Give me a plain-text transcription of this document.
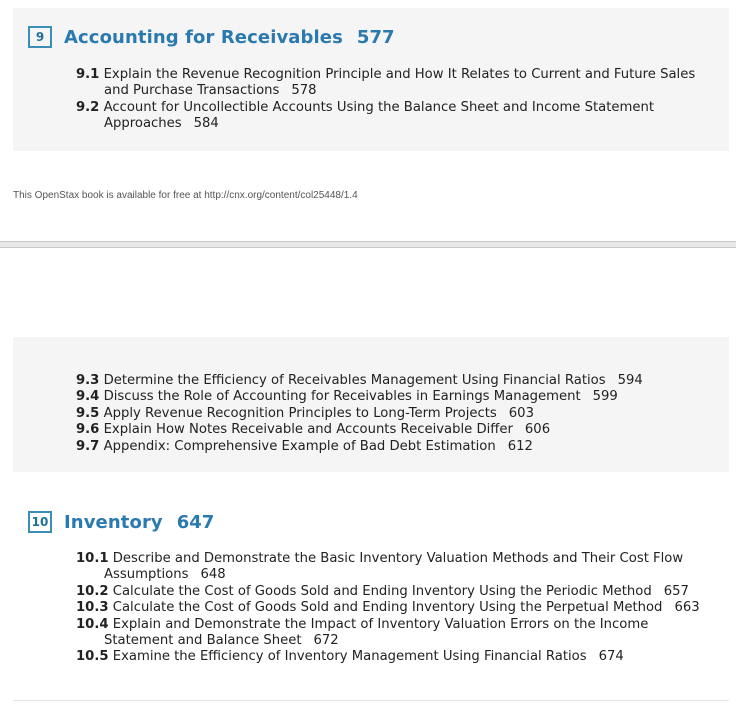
9	Accounting for Receivables 577
9.1 Explain the Revenue Recognition Principle and How It Relates to Current and Future Sales
and Purchase Transactions 578
9.2 Account for Uncollectible Accounts Using the Balance Sheet and Income Statement
Approaches 584
This OpenStax book is available for free at http://cnx.org/content/col25448/1.4
9.3 Determine the Efficiency of Receivables Management Using Financial Ratios 594
9.4 Discuss the Role of Accounting for Receivables in Earnings Management 599
9.5 Apply Revenue Recognition Principles to Long-Term Projects 603
9.6 Explain How Notes Receivable and Accounts Receivable Differ 606
9.7 Appendix: Comprehensive Example of Bad Debt Estimation 612
10 Inventory 647
10.1 Describe and Demonstrate the Basic Inventory Valuation Methods and Their Cost Flow
Assumptions 648
10.2 Calculate the Cost of Goods Sold and Ending Inventory Using the Periodic Method 657
10.3 Calculate the Cost of Goods Sold and Ending Inventory Using the Perpetual Method 663
10.4 Explain and Demonstrate the Impact of Inventory Valuation Errors on the Income
Statement and Balance Sheet 672
10.5 Examine the Efficiency of Inventory Management Using Financial Ratios 674
